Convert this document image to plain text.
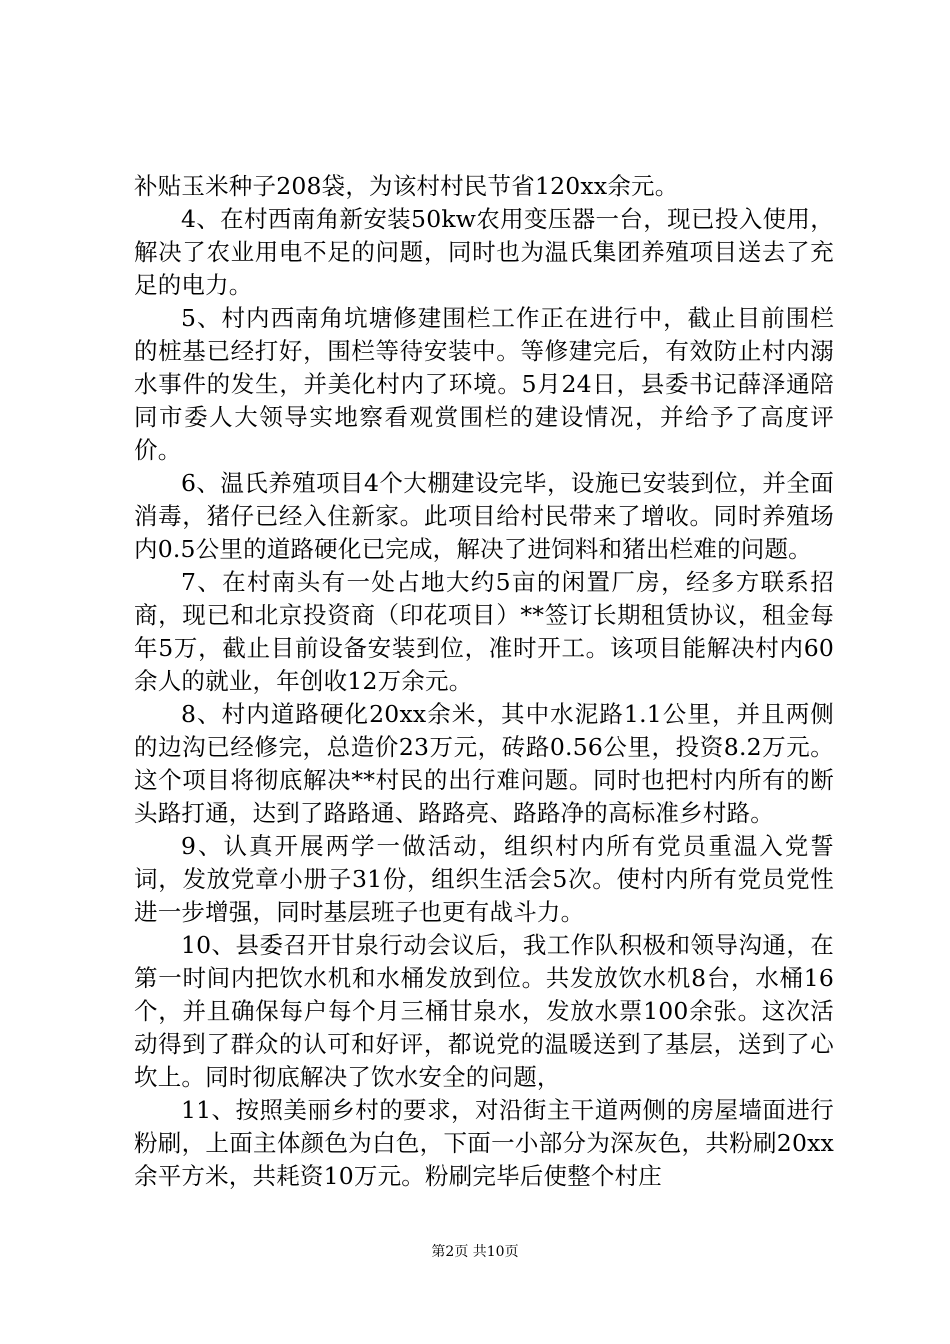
补贴玉米种子208袋，为该村村民节省120xx余元。

4、在村西南角新安装50kw农用变压器一台，现已投入使用，解决了农业用电不足的问题，同时也为温氏集团养殖项目送去了充足的电力。

5、村内西南角坑塘修建围栏工作正在进行中，截止目前围栏的桩基已经打好，围栏等待安装中。等修建完后，有效防止村内溺水事件的发生，并美化村内了环境。5月24日，县委书记薛泽通陪同市委人大领导实地察看观赏围栏的建设情况，并给予了高度评价。

6、温氏养殖项目4个大棚建设完毕，设施已安装到位，并全面消毒，猪仔已经入住新家。此项目给村民带来了增收。同时养殖场内0.5公里的道路硬化已完成，解决了进饲料和猪出栏难的问题。

7、在村南头有一处占地大约5亩的闲置厂房，经多方联系招商，现已和北京投资商（印花项目）**签订长期租赁协议，租金每年5万，截止目前设备安装到位，准时开工。该项目能解决村内60余人的就业，年创收12万余元。

8、村内道路硬化20xx余米，其中水泥路1.1公里，并且两侧的边沟已经修完，总造价23万元，砖路0.56公里，投资8.2万元。这个项目将彻底解决**村民的出行难问题。同时也把村内所有的断头路打通，达到了路路通、路路亮、路路净的高标准乡村路。

9、认真开展两学一做活动，组织村内所有党员重温入党誓词，发放党章小册子31份，组织生活会5次。使村内所有党员党性进一步增强，同时基层班子也更有战斗力。

10、县委召开甘泉行动会议后，我工作队积极和领导沟通，在第一时间内把饮水机和水桶发放到位。共发放饮水机8台，水桶16个，并且确保每户每个月三桶甘泉水，发放水票100余张。这次活动得到了群众的认可和好评，都说党的温暖送到了基层，送到了心坎上。同时彻底解决了饮水安全的问题，

11、按照美丽乡村的要求，对沿街主干道两侧的房屋墙面进行粉刷，上面主体颜色为白色，下面一小部分为深灰色，共粉刷20xx余平方米，共耗资10万元。粉刷完毕后使整个村庄

第2页 共10页
